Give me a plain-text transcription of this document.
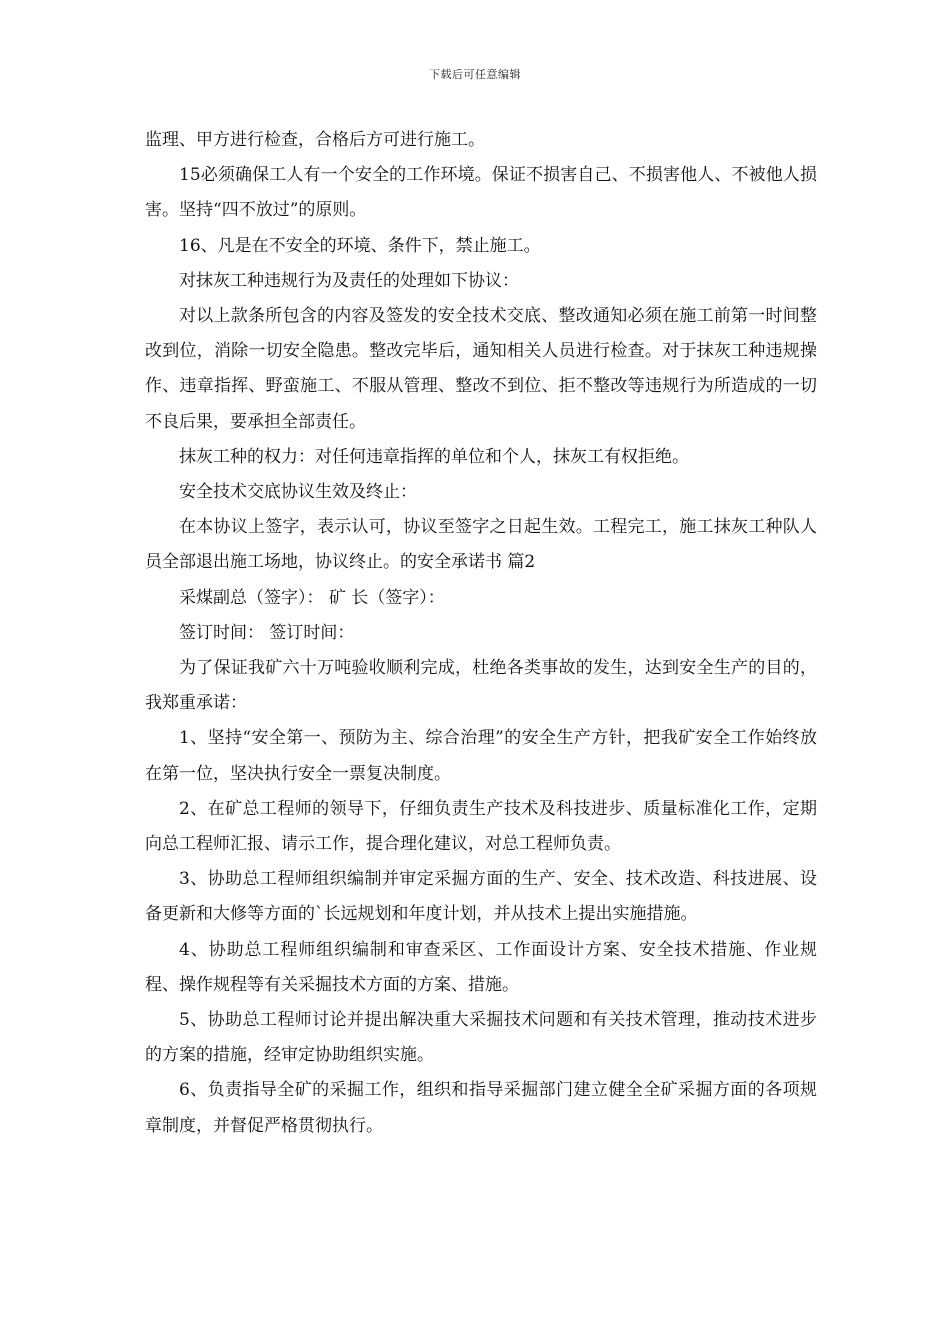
下载后可任意编辑

监理、甲方进行检查，合格后方可进行施工。

15必须确保工人有一个安全的工作环境。保证不损害自己、不损害他人、不被他人损害。坚持“四不放过”的原则。

16、凡是在不安全的环境、条件下，禁止施工。

对抹灰工种违规行为及责任的处理如下协议：

对以上款条所包含的内容及签发的安全技术交底、整改通知必须在施工前第一时间整改到位，消除一切安全隐患。整改完毕后，通知相关人员进行检查。对于抹灰工种违规操作、违章指挥、野蛮施工、不服从管理、整改不到位、拒不整改等违规行为所造成的一切不良后果，要承担全部责任。

抹灰工种的权力：对任何违章指挥的单位和个人，抹灰工有权拒绝。

安全技术交底协议生效及终止：

在本协议上签字，表示认可，协议至签字之日起生效。工程完工，施工抹灰工种队人员全部退出施工场地，协议终止。的安全承诺书 篇2

采煤副总（签字）： 矿 长（签字）：

签订时间： 签订时间：

为了保证我矿六十万吨验收顺利完成，杜绝各类事故的发生，达到安全生产的目的，我郑重承诺：

1、坚持“安全第一、预防为主、综合治理”的安全生产方针，把我矿安全工作始终放在第一位，坚决执行安全一票复决制度。

2、在矿总工程师的领导下，仔细负责生产技术及科技进步、质量标准化工作，定期向总工程师汇报、请示工作，提合理化建议，对总工程师负责。

3、协助总工程师组织编制并审定采掘方面的生产、安全、技术改造、科技进展、设备更新和大修等方面的`长远规划和年度计划，并从技术上提出实施措施。

4、协助总工程师组织编制和审查采区、工作面设计方案、安全技术措施、作业规程、操作规程等有关采掘技术方面的方案、措施。

5、协助总工程师讨论并提出解决重大采掘技术问题和有关技术管理，推动技术进步的方案的措施，经审定协助组织实施。

6、负责指导全矿的采掘工作，组织和指导采掘部门建立健全全矿采掘方面的各项规章制度，并督促严格贯彻执行。
